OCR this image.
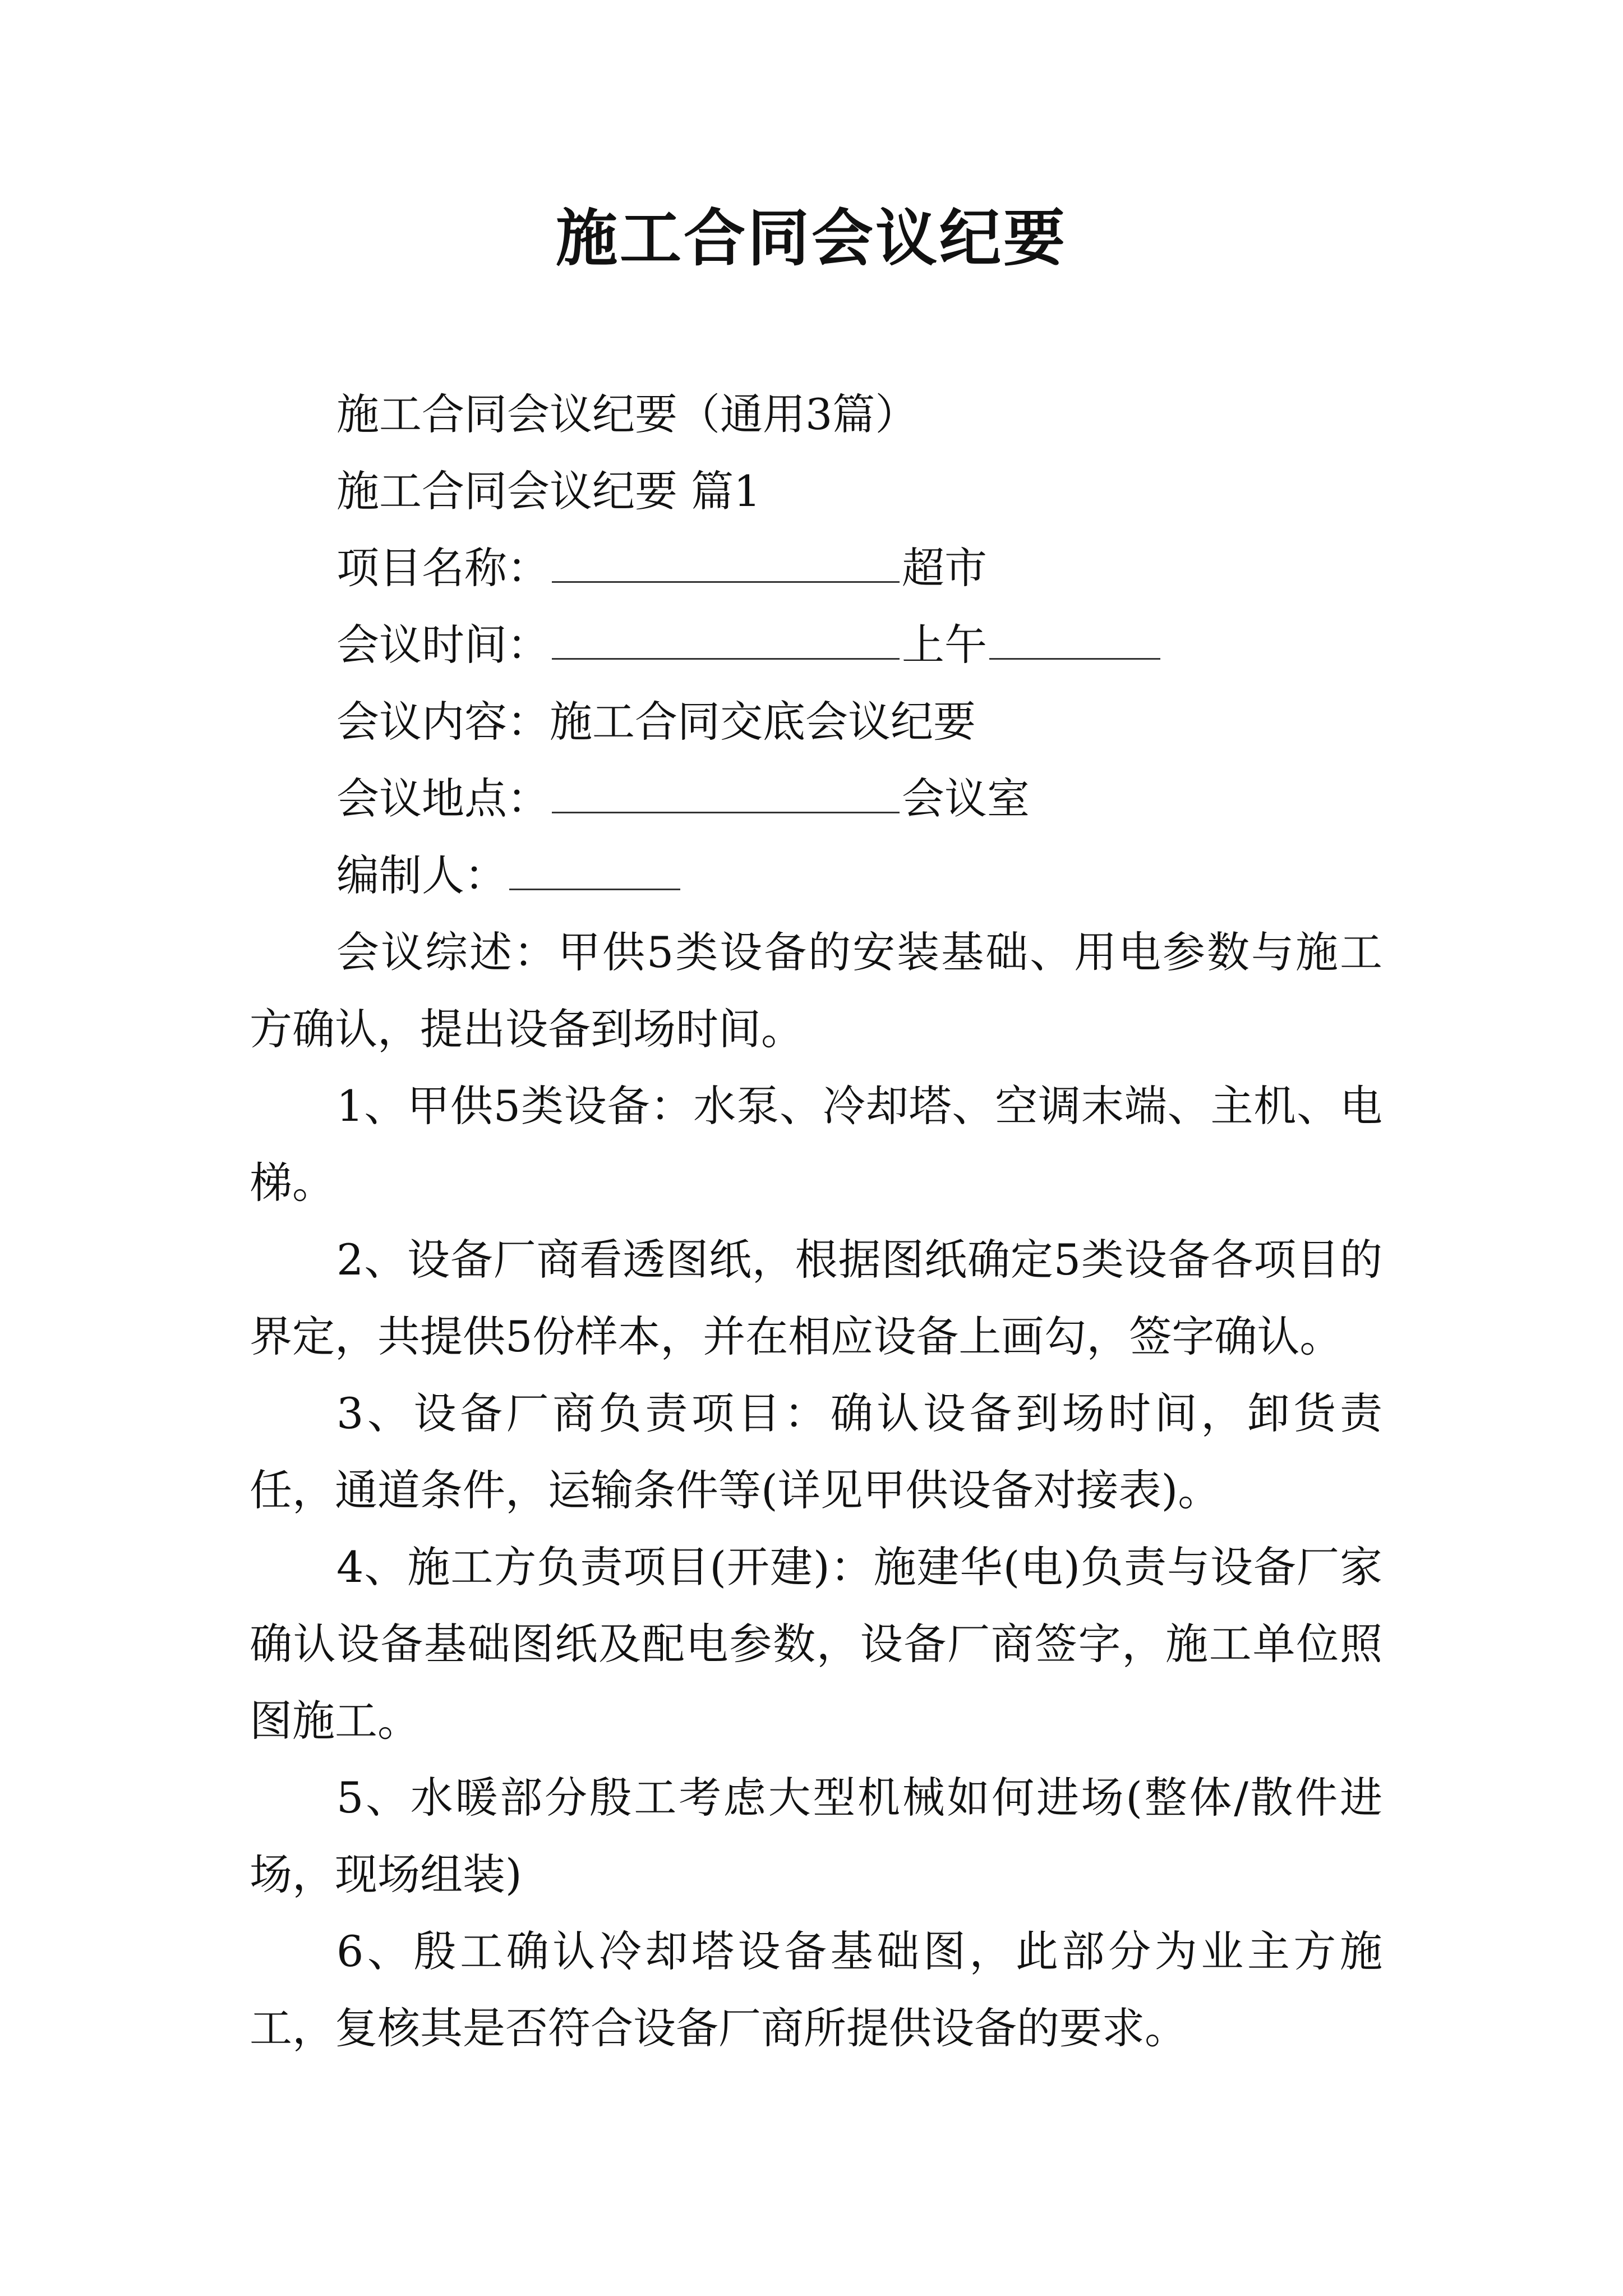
施工合同会议纪要

施工合同会议纪要（通用3篇）

施工合同会议纪要 篇1

项目名称：	超市

会议时间：	上午

会议内容：施工合同交底会议纪要

会议地点：	会议室

编制人：

会议综述：甲供5类设备的安装基础、用电参数与施工方确认，提出设备到场时间。

1、甲供5类设备：水泵、冷却塔、空调末端、主机、电梯。

2、设备厂商看透图纸，根据图纸确定5类设备各项目的界定，共提供5份样本，并在相应设备上画勾，签字确认。

3、设备厂商负责项目：确认设备到场时间，卸货责任，通道条件，运输条件等(详见甲供设备对接表)。

4、施工方负责项目(开建)：施建华(电)负责与设备厂家确认设备基础图纸及配电参数，设备厂商签字，施工单位照图施工。

5、水暖部分殷工考虑大型机械如何进场(整体/散件进场，现场组装)

6、殷工确认冷却塔设备基础图，此部分为业主方施工，复核其是否符合设备厂商所提供设备的要求。
